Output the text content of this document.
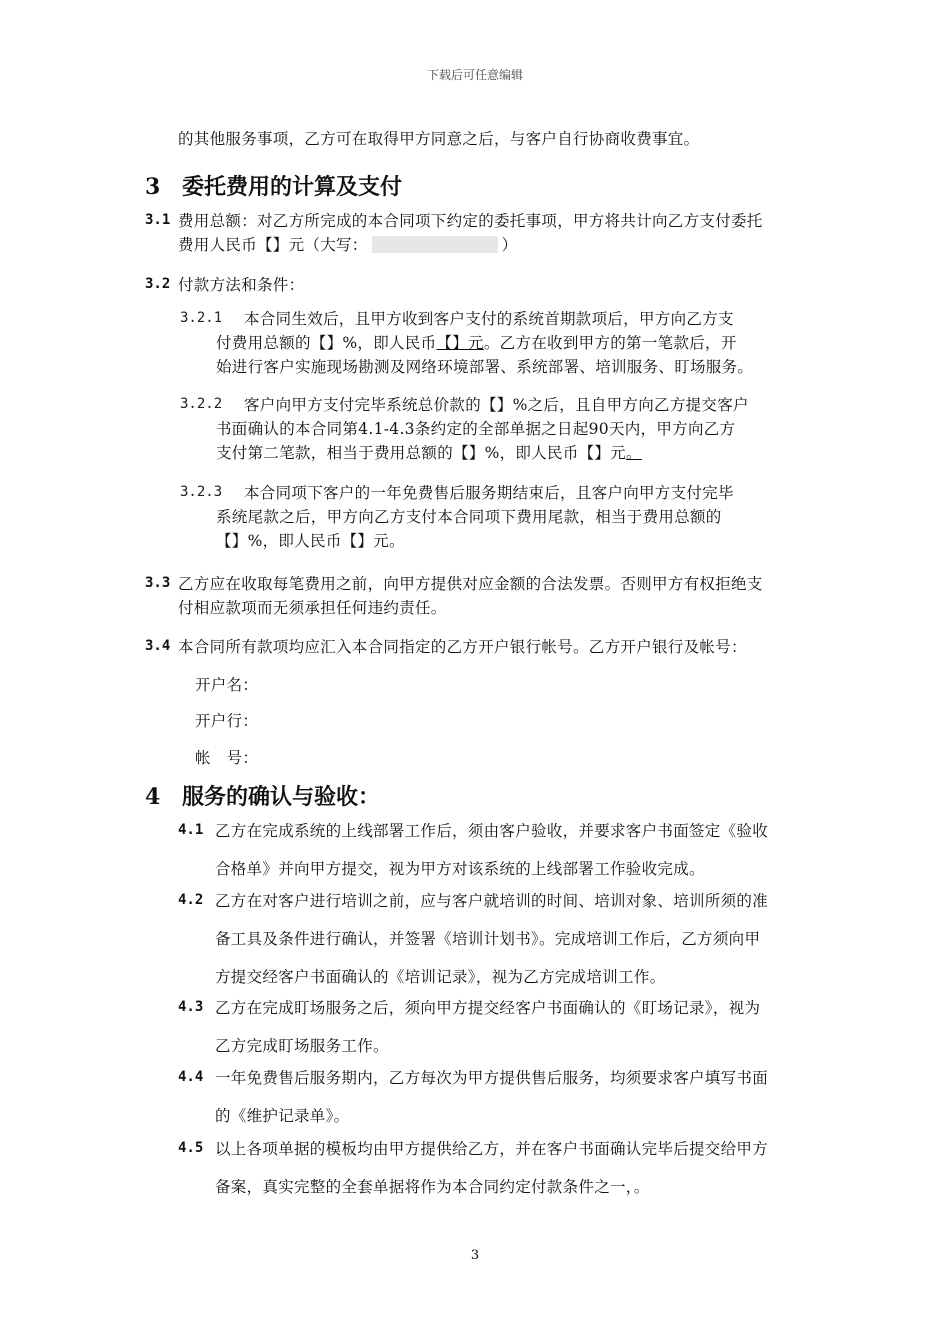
下载后可任意编辑
的其他服务事项，乙方可在取得甲方同意之后，与客户自行协商收费事宜。
3 委托费用的计算及支付
3.1 费用总额：对乙方所完成的本合同项下约定的委托事项，甲方将共计向乙方支付委托
费用人民币【】元（大写：	）
3.2 付款方法和条件：
3.2.1 本合同生效后，且甲方收到客户支付的系统首期款项后，甲方向乙方支
付费用总额的【】%，即人民币【】元。乙方在收到甲方的第一笔款后，开
始进行客户实施现场勘测及网络环境部署、系统部署、培训服务、盯场服务。
3.2.2 客户向甲方支付完毕系统总价款的【】%之后，且自甲方向乙方提交客户
书面确认的本合同第4.1-4.3条约定的全部单据之日起90天内，甲方向乙方
支付第二笔款，相当于费用总额的【】%，即人民币【】元。
3.2.3 本合同项下客户的一年免费售后服务期结束后，且客户向甲方支付完毕
系统尾款之后，甲方向乙方支付本合同项下费用尾款，相当于费用总额的
【】%，即人民币【】元。
3.3 乙方应在收取每笔费用之前，向甲方提供对应金额的合法发票。否则甲方有权拒绝支
付相应款项而无须承担任何违约责任。
3.4 本合同所有款项均应汇入本合同指定的乙方开户银行帐号。乙方开户银行及帐号：
开户名：
开户行：
帐　号：
4 服务的确认与验收：
4.1 乙方在完成系统的上线部署工作后，须由客户验收，并要求客户书面签定《验收
合格单》并向甲方提交，视为甲方对该系统的上线部署工作验收完成。
4.2 乙方在对客户进行培训之前，应与客户就培训的时间、培训对象、培训所须的准
备工具及条件进行确认，并签署《培训计划书》。完成培训工作后，乙方须向甲
方提交经客户书面确认的《培训记录》，视为乙方完成培训工作。
4.3 乙方在完成盯场服务之后，须向甲方提交经客户书面确认的《盯场记录》，视为
乙方完成盯场服务工作。
4.4 一年免费售后服务期内，乙方每次为甲方提供售后服务，均须要求客户填写书面
的《维护记录单》。
4.5 以上各项单据的模板均由甲方提供给乙方，并在客户书面确认完毕后提交给甲方
备案，真实完整的全套单据将作为本合同约定付款条件之一，。
3
